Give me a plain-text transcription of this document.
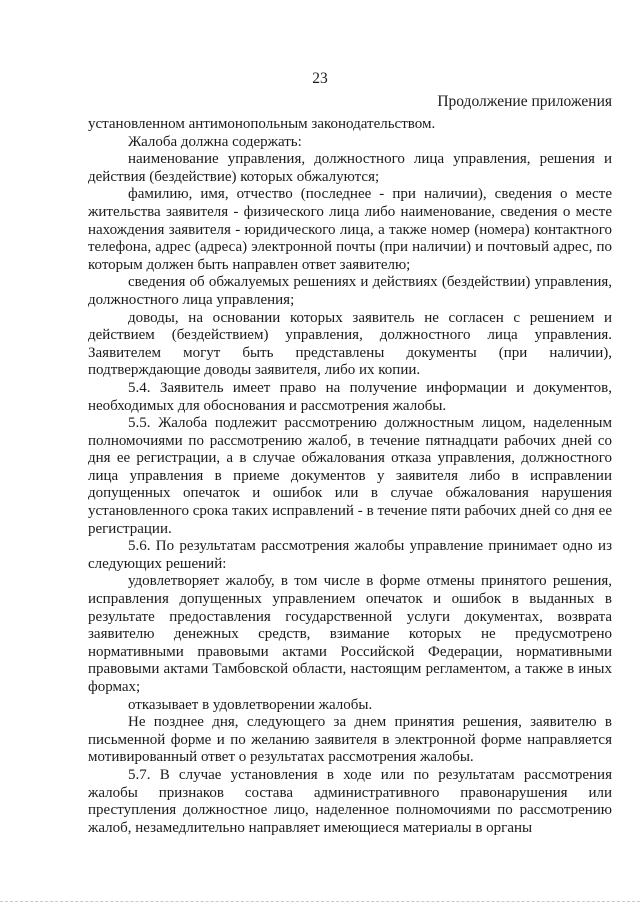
23
Продолжение приложения

установленном антимонопольным законодательством.

Жалоба должна содержать:

наименование управления, должностного лица управления, решения и действия (бездействие) которых обжалуются;

фамилию, имя, отчество (последнее - при наличии), сведения о месте жительства заявителя - физического лица либо наименование, сведения о месте нахождения заявителя - юридического лица, а также номер (номера) контактного телефона, адрес (адреса) электронной почты (при наличии) и почтовый адрес, по которым должен быть направлен ответ заявителю;

сведения об обжалуемых решениях и действиях (бездействии) управления, должностного лица управления;

доводы, на основании которых заявитель не согласен с решением и действием (бездействием) управления, должностного лица управления. Заявителем могут быть представлены документы (при наличии), подтверждающие доводы заявителя, либо их копии.

5.4. Заявитель имеет право на получение информации и документов, необходимых для обоснования и рассмотрения жалобы.

5.5. Жалоба подлежит рассмотрению должностным лицом, наделенным полномочиями по рассмотрению жалоб, в течение пятнадцати рабочих дней со дня ее регистрации, а в случае обжалования отказа управления, должностного лица управления в приеме документов у заявителя либо в исправлении допущенных опечаток и ошибок или в случае обжалования нарушения установленного срока таких исправлений - в течение пяти рабочих дней со дня ее регистрации.

5.6. По результатам рассмотрения жалобы управление принимает одно из следующих решений:

удовлетворяет жалобу, в том числе в форме отмены принятого решения, исправления допущенных управлением опечаток и ошибок в выданных в результате предоставления государственной услуги документах, возврата заявителю денежных средств, взимание которых не предусмотрено нормативными правовыми актами Российской Федерации, нормативными правовыми актами Тамбовской области, настоящим регламентом, а также в иных формах;

отказывает в удовлетворении жалобы.

Не позднее дня, следующего за днем принятия решения, заявителю в письменной форме и по желанию заявителя в электронной форме направляется мотивированный ответ о результатах рассмотрения жалобы.

5.7. В случае установления в ходе или по результатам рассмотрения жалобы признаков состава административного правонарушения или преступления должностное лицо, наделенное полномочиями по рассмотрению жалоб, незамедлительно направляет имеющиеся материалы в органы
